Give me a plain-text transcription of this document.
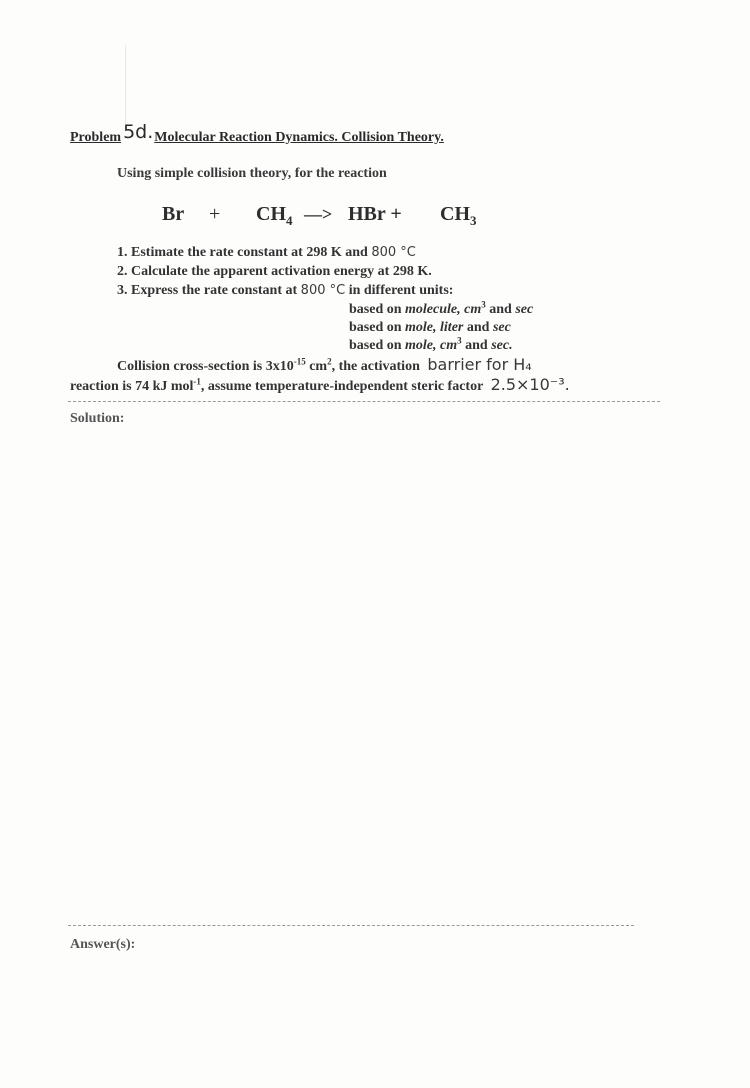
Problem 5d.Molecular Reaction Dynamics. Collision Theory.
Using simple collision theory, for the reaction
$Br + CH_4$ —> HBr + $CH_3$
1. Estimate the rate constant at 298 K and 800 °C
2. Calculate the apparent activation energy at 298 K.
3. Express the rate constant at 800 °C in different units:
based on molecule, $cm^3$ and sec
based on mole, liter and sec
based on mole, $cm^3$ and sec.
Collision cross-section is $3x10^{-15}$ $cm^2$, the activation barrier for H₄
reaction is 74 kJ mol$^{-1}$, assume temperature-independent steric factor 2.5×10⁻³.
Solution:
Answer(s):
